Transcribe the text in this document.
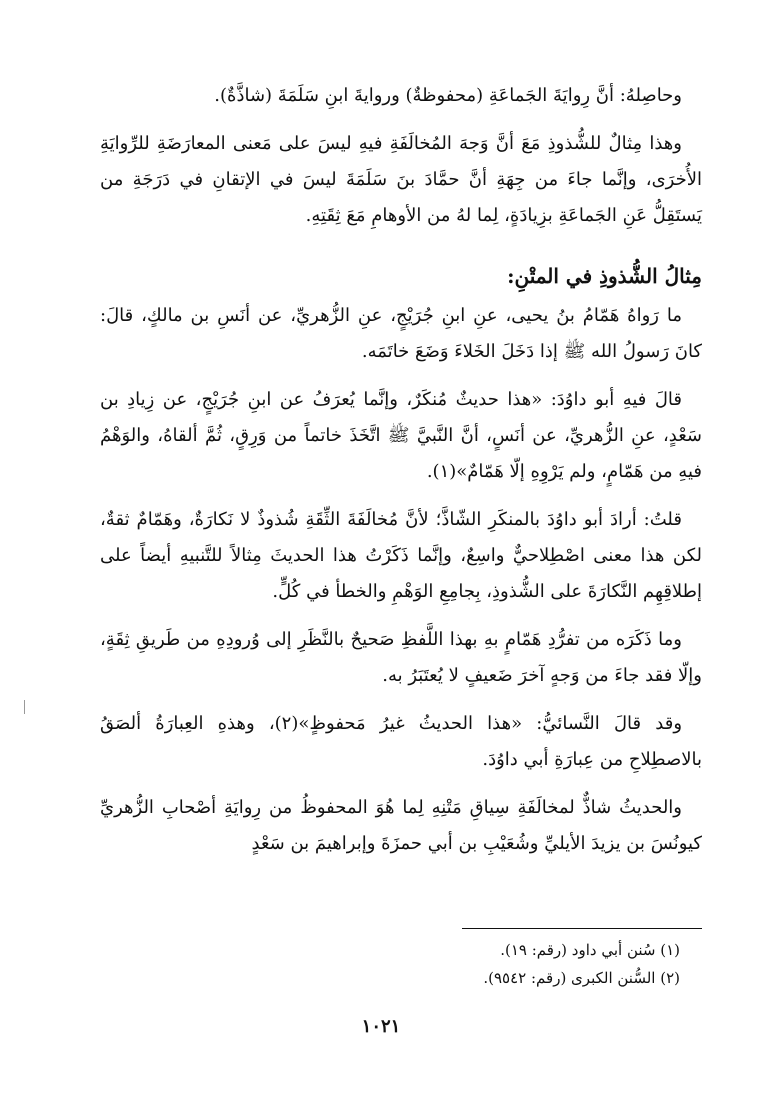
وحاصِلهُ: أنَّ رِوايَةَ الجَماعَةِ (محفوظةٌ) وروايةَ ابنِ سَلَمَةَ (شاذَّةٌ).

وهذا مِثالٌ للشُّذوذِ مَعَ أنَّ وَجهَ المُخالَفَةِ فيهِ ليسَ على مَعنى المعارَضَةِ للرِّوايَةِ الأُخرَى، وإنَّما جاءَ من جِهَةِ أنَّ حمَّادَ بنَ سَلَمَةَ ليسَ في الإتقانِ في دَرَجَةِ من يَستَقِلُّ عَنِ الجَماعَةِ بزِيادَةٍ، لِما لهُ من الأوهامِ مَعَ ثِقَتِهِ.

مِثالُ الشُّذوذِ في المتْنِ:

ما رَواهُ هَمّامُ بنُ يحيى، عنِ ابنِ جُرَيْجٍ، عنِ الزُّهريِّ، عن أنَسِ بن مالكٍ، قالَ: كانَ رَسولُ الله ﷺ إذا دَخَلَ الخَلاءَ وَضَعَ خاتَمَه.

قالَ فيهِ أبو داوُدَ: «هذا حديثٌ مُنكَرٌ، وإنَّما يُعرَفُ عن ابنِ جُرَيْجٍ، عن زِيادِ بن سَعْدٍ، عنِ الزُّهريِّ، عن أنَسٍ، أنَّ النَّبيَّ ﷺ اتَّخَذَ خاتماً من وَرِقٍ، ثُمَّ ألقاهُ، والوَهْمُ فيهِ من هَمّامٍ، ولم يَرْوِهِ إلّا هَمّامٌ»(١).

قلتُ: أرادَ أبو داوُدَ بالمنكَرِ الشّاذَّ؛ لأنَّ مُخالَفَةَ الثِّقَةِ شُذوذٌ لا نَكارَةٌ، وهَمّامٌ ثقةٌ، لكن هذا معنى اصْطِلاحيٌّ واسِعٌ، وإنَّما ذَكَرْتُ هذا الحديثَ مِثالاً للتَّنبيهِ أيضاً على إطلاقِهِم النَّكارَةَ على الشُّذوذِ، بِجامِعِ الوَهْمِ والخطأ في كُلٍّ.

وما ذَكَرَه من تفرُّدِ هَمّامٍ بهِ بهذا اللَّفظِ صَحيحٌ بالنَّظَرِ إلى وُرودِهِ من طَريقِ ثِقَةٍ، وإلّا فقد جاءَ من وَجهٍ آخرَ ضَعيفٍ لا يُعتَبَرُ به.

وقد قالَ النَّسائيُّ: «هذا الحديثُ غيرُ مَحفوظٍ»(٢)، وهذهِ العِبارَةُ ألصَقُ بالاصطِلاحِ من عِبارَةِ أبي داوُدَ.

والحديثُ شاذٌّ لمخالَفَةِ سِياقِ مَتْنِهِ لِما هُوَ المحفوظُ من رِوايَةِ أصْحابِ الزُّهريِّ كيونُسَ بن يزيدَ الأيليِّ وشُعَيْبِ بن أبي حمزَةَ وإبراهيمَ بن سَعْدٍ

(١) سُنن أبي داود (رقم: ١٩).

(٢) السُّنن الكبرى (رقم: ٩٥٤٢).

١٠٢١
